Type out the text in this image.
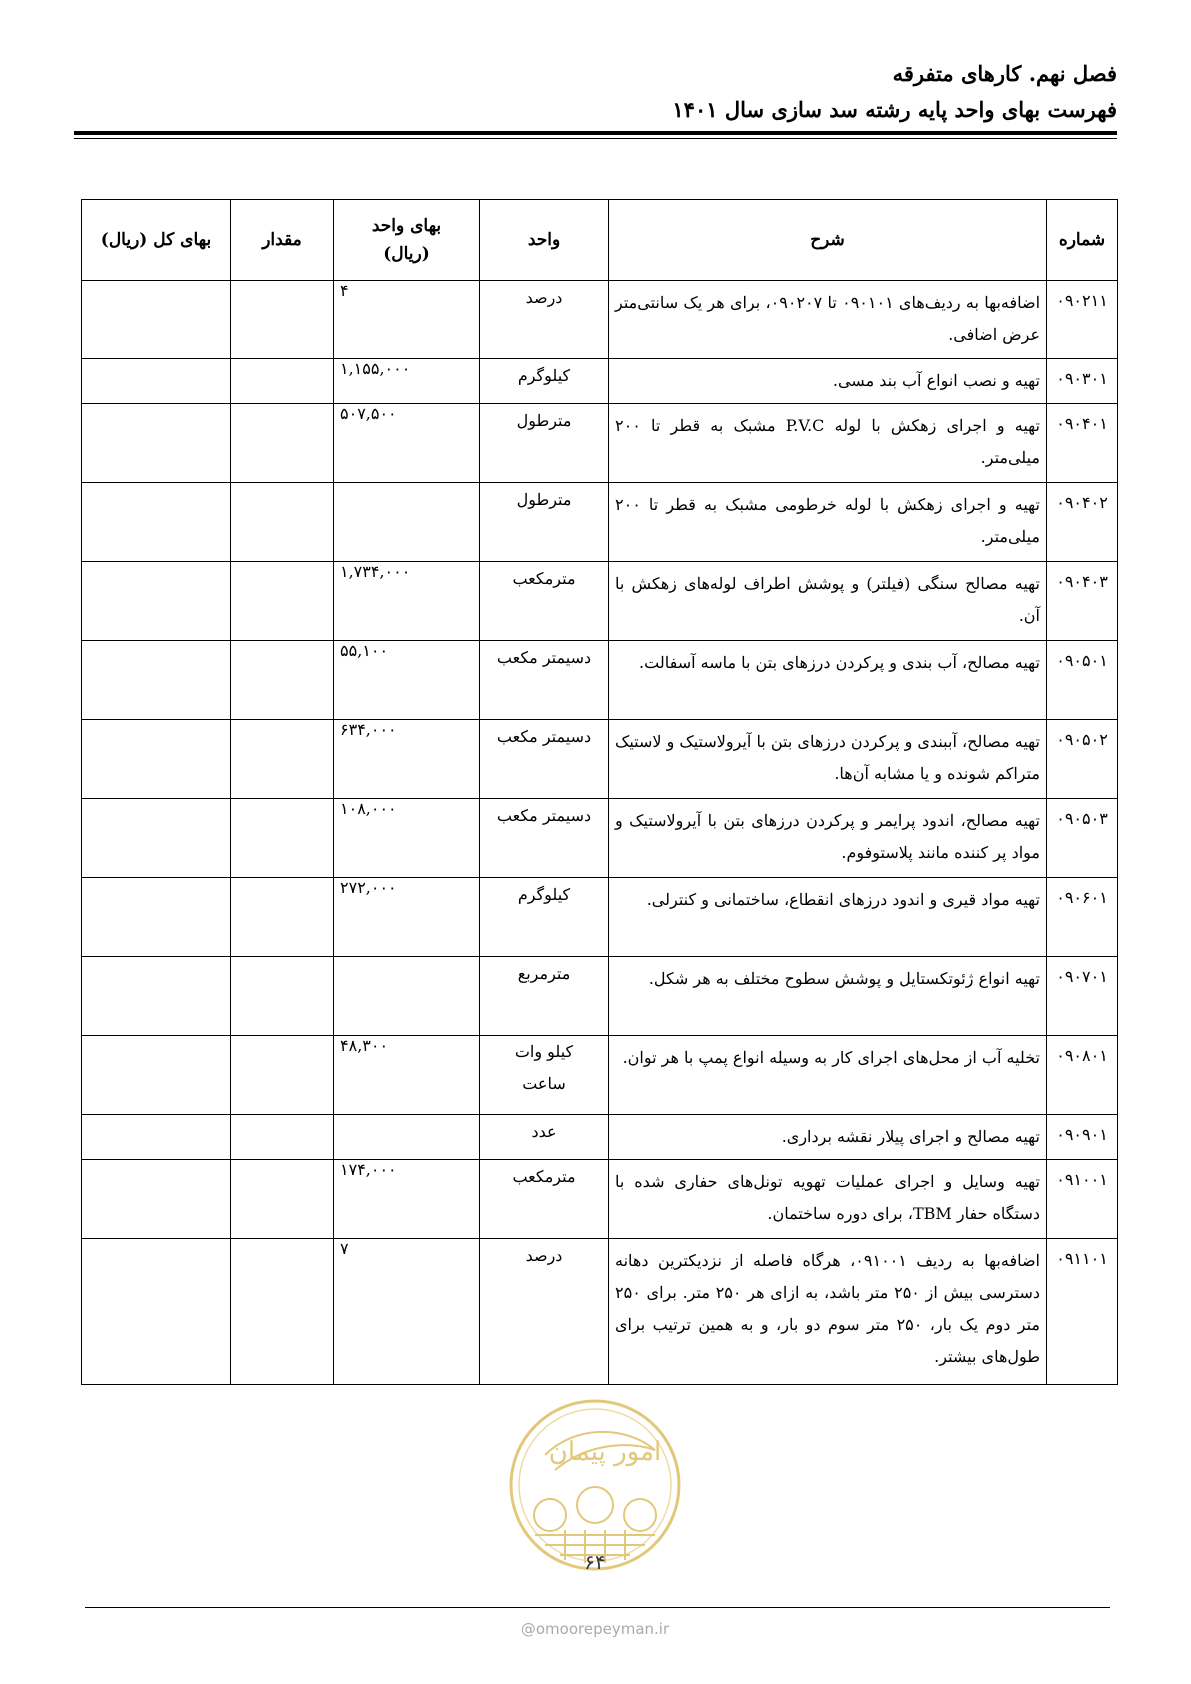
فصل نهم. کارهای متفرقه
فهرست بهای واحد پایه رشته سد سازی سال ۱۴۰۱
شماره	شرح	واحد	بهای واحد (ریال)	مقدار	بهای کل (ریال)
۰۹۰۲۱۱	اضافه‌بها به ردیف‌های ۰۹۰۱۰۱ تا ۰۹۰۲۰۷، برای هر یک سانتی‌متر عرض اضافی.	درصد	۴		
۰۹۰۳۰۱	تهیه و نصب انواع آب بند مسی.	کیلوگرم	۱,۱۵۵,۰۰۰		
۰۹۰۴۰۱	تهیه و اجرای زهکش با لوله P.V.C مشبک به قطر تا ۲۰۰ میلی‌متر.	مترطول	۵۰۷,۵۰۰		
۰۹۰۴۰۲	تهیه و اجرای زهکش با لوله خرطومی مشبک به قطر تا ۲۰۰ میلی‌متر.	مترطول			
۰۹۰۴۰۳	تهیه مصالح سنگی (فیلتر) و پوشش اطراف لوله‌های زهکش با آن.	مترمکعب	۱,۷۳۴,۰۰۰		
۰۹۰۵۰۱	تهیه مصالح، آب بندی و پرکردن درزهای بتن با ماسه آسفالت.	دسیمتر مکعب	۵۵,۱۰۰		
۰۹۰۵۰۲	تهیه مصالح، آببندی و پرکردن درزهای بتن با آیرولاستیک و لاستیک متراکم شونده و یا مشابه آن‌ها.	دسیمتر مکعب	۶۳۴,۰۰۰		
۰۹۰۵۰۳	تهیه مصالح، اندود پرایمر و پرکردن درزهای بتن با آیرولاستیک و مواد پر کننده مانند پلاستوفوم.	دسیمتر مکعب	۱۰۸,۰۰۰		
۰۹۰۶۰۱	تهیه مواد قیری و اندود درزهای انقطاع، ساختمانی و کنترلی.	کیلوگرم	۲۷۲,۰۰۰		
۰۹۰۷۰۱	تهیه انواع ژئوتکستایل و پوشش سطوح مختلف به هر شکل.	مترمربع			
۰۹۰۸۰۱	تخلیه آب از محل‌های اجرای کار به وسیله انواع پمپ با هر توان.	کیلو وات ساعت	۴۸,۳۰۰		
۰۹۰۹۰۱	تهیه مصالح و اجرای پیلار نقشه برداری.	عدد			
۰۹۱۰۰۱	تهیه وسایل و اجرای عملیات تهویه تونل‌های حفاری شده با دستگاه حفار TBM، برای دوره ساختمان.	مترمکعب	۱۷۴,۰۰۰		
۰۹۱۱۰۱	اضافه‌بها به ردیف ۰۹۱۰۰۱، هرگاه فاصله از نزدیکترین دهانه دسترسی بیش از ۲۵۰ متر باشد، به ازای هر ۲۵۰ متر. برای ۲۵۰ متر دوم یک بار، ۲۵۰ متر سوم دو بار، و به همین ترتیب برای طول‌های بیشتر.	درصد	۷		
امور پیمان
۶۴
@omoorepeyman.ir
